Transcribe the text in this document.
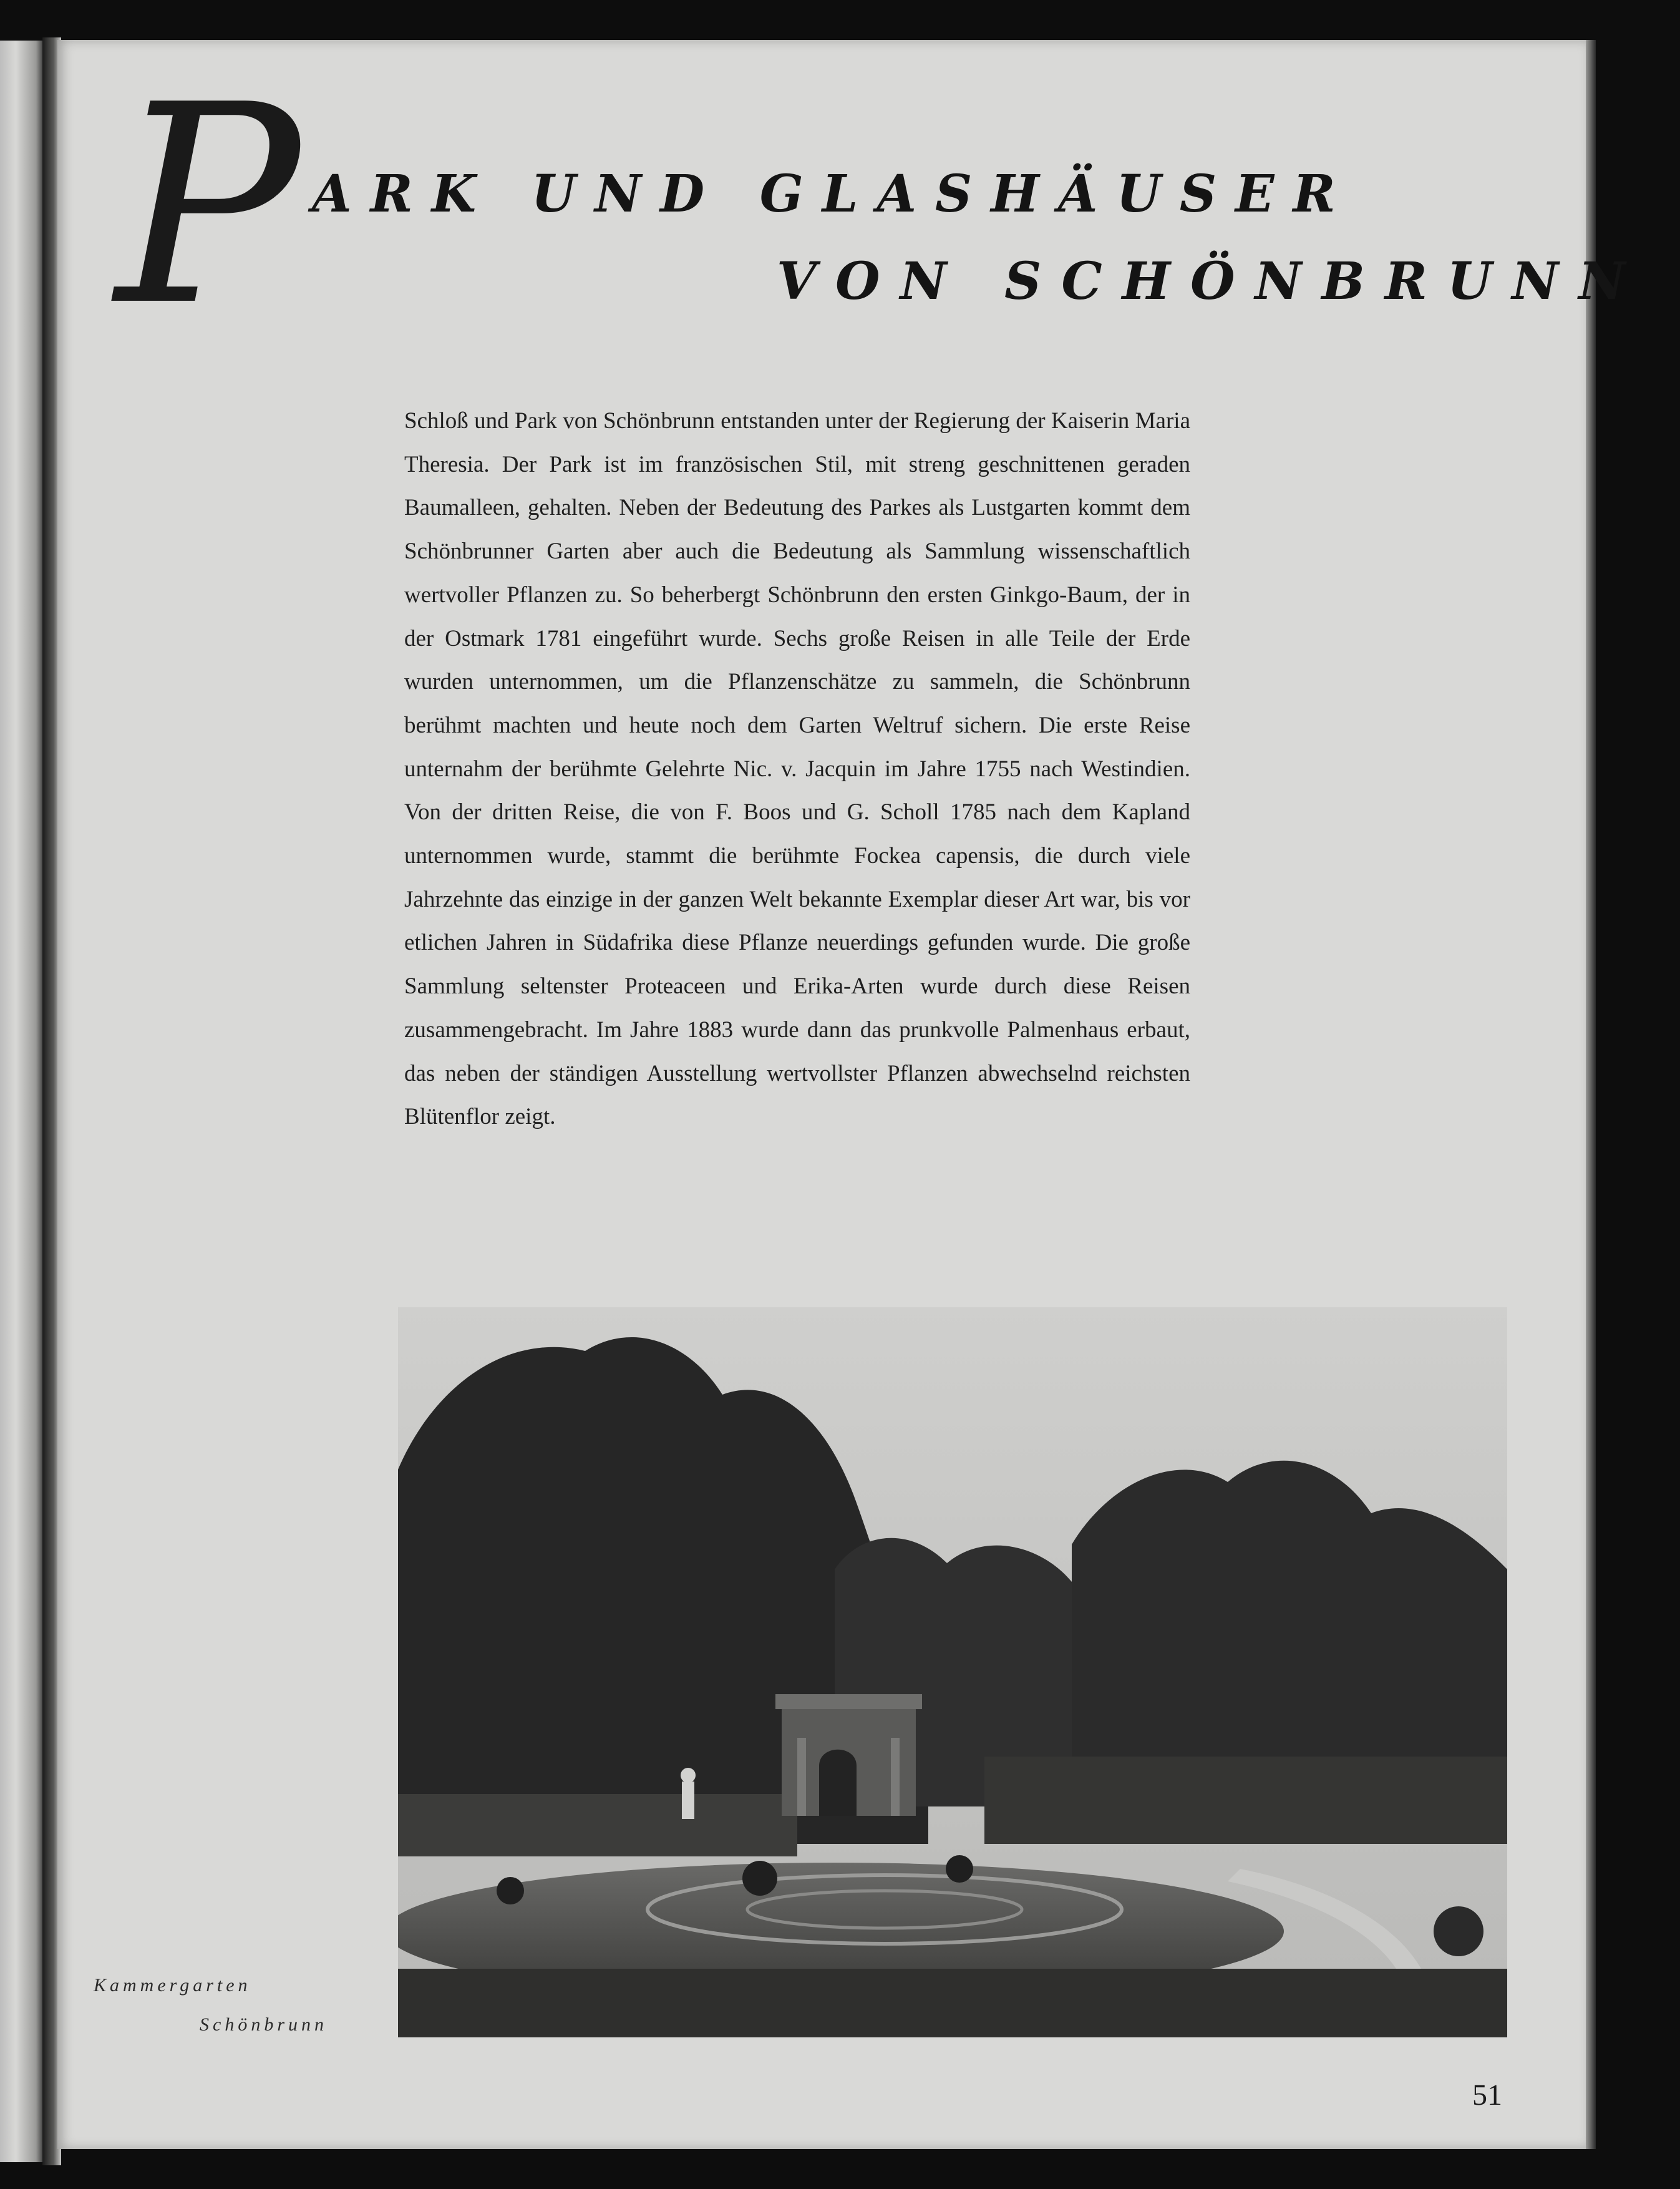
P ARK UND GLASHÄUSER
VON SCHÖNBRUNN
Schloß und Park von Schönbrunn entstanden unter der Regierung der Kaiserin Maria Theresia. Der Park ist im französischen Stil, mit streng geschnittenen geraden Baumalleen, gehalten. Neben der Bedeutung des Parkes als Lustgarten kommt dem Schönbrunner Garten aber auch die Bedeutung als Sammlung wissenschaftlich wertvoller Pflanzen zu. So beherbergt Schönbrunn den ersten Ginkgo-Baum, der in der Ostmark 1781 eingeführt wurde. Sechs große Reisen in alle Teile der Erde wurden unternommen, um die Pflanzenschätze zu sammeln, die Schönbrunn berühmt machten und heute noch dem Garten Weltruf sichern. Die erste Reise unternahm der berühmte Gelehrte Nic. v. Jacquin im Jahre 1755 nach Westindien. Von der dritten Reise, die von F. Boos und G. Scholl 1785 nach dem Kapland unternommen wurde, stammt die berühmte Fockea capensis, die durch viele Jahrzehnte das einzige in der ganzen Welt bekannte Exemplar dieser Art war, bis vor etlichen Jahren in Südafrika diese Pflanze neuerdings gefunden wurde. Die große Sammlung seltenster Proteaceen und Erika-Arten wurde durch diese Reisen zusammengebracht. Im Jahre 1883 wurde dann das prunkvolle Palmenhaus erbaut, das neben der ständigen Ausstellung wertvollster Pflanzen abwechselnd reichsten Blütenflor zeigt.
Kammergarten
Schönbrunn
51
